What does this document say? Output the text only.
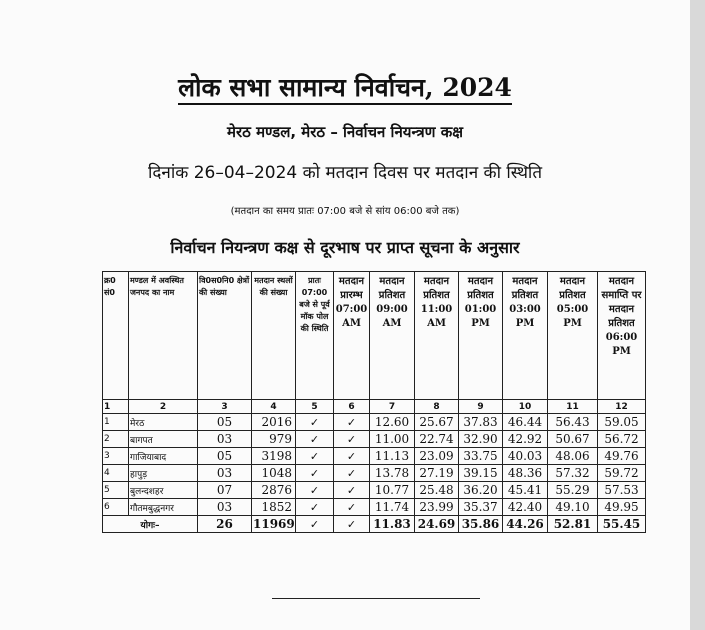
लोक सभा सामान्य निर्वाचन, 2024
मेरठ मण्डल, मेरठ – निर्वाचन नियन्त्रण कक्ष
दिनांक 26–04–2024 को मतदान दिवस पर मतदान की स्थिति
(मतदान का समय प्रातः 07:00 बजे से सांय 06:00 बजे तक)
निर्वाचन नियन्त्रण कक्ष से दूरभाष पर प्राप्त सूचना के अनुसार
क्र0 सं0	मण्डल में अवस्थित जनपद का नाम	वि0स0नि0 क्षेत्रों की संख्या	मतदान स्थलों की संख्या	प्रातः 07:00 बजे से पूर्व मॉक पोल की स्थिति	मतदान प्रारम्भ 07:00 AM	मतदान प्रतिशत 09:00 AM	मतदान प्रतिशत 11:00 AM	मतदान प्रतिशत 01:00 PM	मतदान प्रतिशत 03:00 PM	मतदान प्रतिशत 05:00 PM	मतदान समाप्ति पर मतदान प्रतिशत 06:00 PM
1	2	3	4	5	6	7	8	9	10	11	12
1	मेरठ	05	2016	✓	✓	12.60	25.67	37.83	46.44	56.43	59.05
2	बागपत	03	979	✓	✓	11.00	22.74	32.90	42.92	50.67	56.72
3	गाजियाबाद	05	3198	✓	✓	11.13	23.09	33.75	40.03	48.06	49.76
4	हापुड़	03	1048	✓	✓	13.78	27.19	39.15	48.36	57.32	59.72
5	बुलन्दशहर	07	2876	✓	✓	10.77	25.48	36.20	45.41	55.29	57.53
6	गौतमबुद्धनगर	03	1852	✓	✓	11.74	23.99	35.37	42.40	49.10	49.95
योगः–		26	11969	✓	✓	11.83	24.69	35.86	44.26	52.81	55.45
